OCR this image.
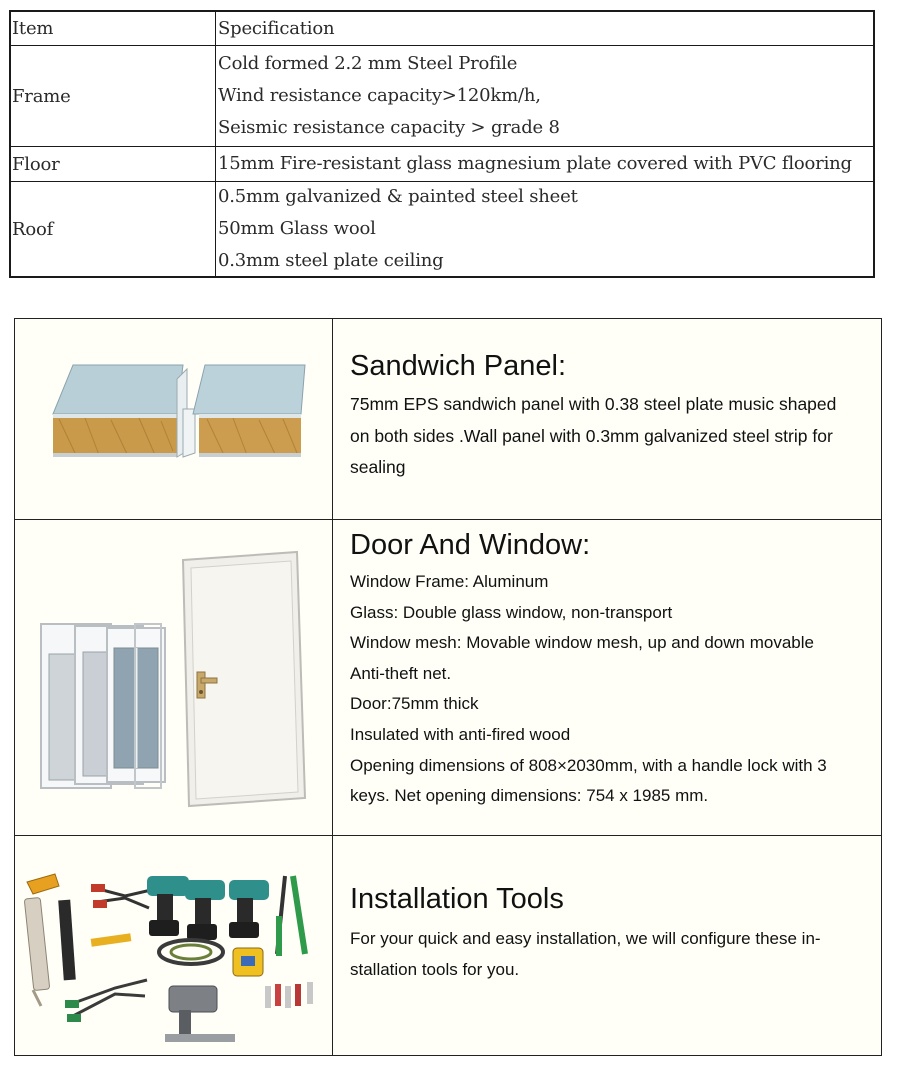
Item	Specification
Frame
Cold formed 2.2 mm Steel Profile
Wind resistance capacity>120km/h,
Seismic resistance capacity > grade 8
Floor	15mm Fire-resistant glass magnesium plate covered with PVC flooring
Roof
0.5mm galvanized & painted steel sheet
50mm Glass wool
0.3mm steel plate ceiling
Sandwich Panel:
75mm EPS sandwich panel with 0.38 steel plate music shaped
on both sides .Wall panel with 0.3mm galvanized steel strip for
sealing
Door And Window:
Window Frame: Aluminum
Glass: Double glass window, non-transport
Window mesh: Movable window mesh, up and down movable
Anti-theft net.
Door:75mm thick
Insulated with anti-fired wood
Opening dimensions of 808×2030mm, with a handle lock with 3
keys. Net opening dimensions: 754 x 1985 mm.
Installation Tools
For your quick and easy installation, we will configure these in-
stallation tools for you.
